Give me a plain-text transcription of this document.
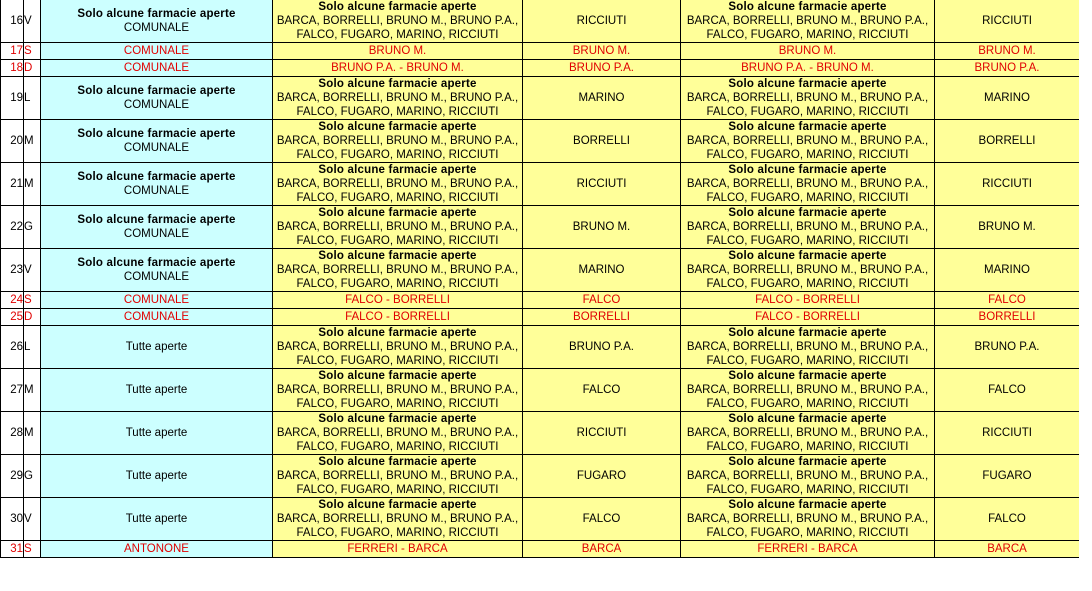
16	V	Solo alcune farmacie aperte
COMUNALE	Solo alcune farmacie aperte
BARCA, BORRELLI, BRUNO M., BRUNO P.A.,
FALCO, FUGARO, MARINO, RICCIUTI	RICCIUTI	Solo alcune farmacie aperte
BARCA, BORRELLI, BRUNO M., BRUNO P.A.,
FALCO, FUGARO, MARINO, RICCIUTI	RICCIUTI
17	S	COMUNALE	BRUNO M.	BRUNO M.	BRUNO M.	BRUNO M.
18	D	COMUNALE	BRUNO P.A. - BRUNO M.	BRUNO P.A.	BRUNO P.A. - BRUNO M.	BRUNO P.A.
19	L	Solo alcune farmacie aperte
COMUNALE	Solo alcune farmacie aperte
BARCA, BORRELLI, BRUNO M., BRUNO P.A.,
FALCO, FUGARO, MARINO, RICCIUTI	MARINO	Solo alcune farmacie aperte
BARCA, BORRELLI, BRUNO M., BRUNO P.A.,
FALCO, FUGARO, MARINO, RICCIUTI	MARINO
20	M	Solo alcune farmacie aperte
COMUNALE	Solo alcune farmacie aperte
BARCA, BORRELLI, BRUNO M., BRUNO P.A.,
FALCO, FUGARO, MARINO, RICCIUTI	BORRELLI	Solo alcune farmacie aperte
BARCA, BORRELLI, BRUNO M., BRUNO P.A.,
FALCO, FUGARO, MARINO, RICCIUTI	BORRELLI
21	M	Solo alcune farmacie aperte
COMUNALE	Solo alcune farmacie aperte
BARCA, BORRELLI, BRUNO M., BRUNO P.A.,
FALCO, FUGARO, MARINO, RICCIUTI	RICCIUTI	Solo alcune farmacie aperte
BARCA, BORRELLI, BRUNO M., BRUNO P.A.,
FALCO, FUGARO, MARINO, RICCIUTI	RICCIUTI
22	G	Solo alcune farmacie aperte
COMUNALE	Solo alcune farmacie aperte
BARCA, BORRELLI, BRUNO M., BRUNO P.A.,
FALCO, FUGARO, MARINO, RICCIUTI	BRUNO M.	Solo alcune farmacie aperte
BARCA, BORRELLI, BRUNO M., BRUNO P.A.,
FALCO, FUGARO, MARINO, RICCIUTI	BRUNO M.
23	V	Solo alcune farmacie aperte
COMUNALE	Solo alcune farmacie aperte
BARCA, BORRELLI, BRUNO M., BRUNO P.A.,
FALCO, FUGARO, MARINO, RICCIUTI	MARINO	Solo alcune farmacie aperte
BARCA, BORRELLI, BRUNO M., BRUNO P.A.,
FALCO, FUGARO, MARINO, RICCIUTI	MARINO
24	S	COMUNALE	FALCO - BORRELLI	FALCO	FALCO - BORRELLI	FALCO
25	D	COMUNALE	FALCO - BORRELLI	BORRELLI	FALCO - BORRELLI	BORRELLI
26	L	Tutte aperte	Solo alcune farmacie aperte
BARCA, BORRELLI, BRUNO M., BRUNO P.A.,
FALCO, FUGARO, MARINO, RICCIUTI	BRUNO P.A.	Solo alcune farmacie aperte
BARCA, BORRELLI, BRUNO M., BRUNO P.A.,
FALCO, FUGARO, MARINO, RICCIUTI	BRUNO P.A.
27	M	Tutte aperte	Solo alcune farmacie aperte
BARCA, BORRELLI, BRUNO M., BRUNO P.A.,
FALCO, FUGARO, MARINO, RICCIUTI	FALCO	Solo alcune farmacie aperte
BARCA, BORRELLI, BRUNO M., BRUNO P.A.,
FALCO, FUGARO, MARINO, RICCIUTI	FALCO
28	M	Tutte aperte	Solo alcune farmacie aperte
BARCA, BORRELLI, BRUNO M., BRUNO P.A.,
FALCO, FUGARO, MARINO, RICCIUTI	RICCIUTI	Solo alcune farmacie aperte
BARCA, BORRELLI, BRUNO M., BRUNO P.A.,
FALCO, FUGARO, MARINO, RICCIUTI	RICCIUTI
29	G	Tutte aperte	Solo alcune farmacie aperte
BARCA, BORRELLI, BRUNO M., BRUNO P.A.,
FALCO, FUGARO, MARINO, RICCIUTI	FUGARO	Solo alcune farmacie aperte
BARCA, BORRELLI, BRUNO M., BRUNO P.A.,
FALCO, FUGARO, MARINO, RICCIUTI	FUGARO
30	V	Tutte aperte	Solo alcune farmacie aperte
BARCA, BORRELLI, BRUNO M., BRUNO P.A.,
FALCO, FUGARO, MARINO, RICCIUTI	FALCO	Solo alcune farmacie aperte
BARCA, BORRELLI, BRUNO M., BRUNO P.A.,
FALCO, FUGARO, MARINO, RICCIUTI	FALCO
31	S	ANTONONE	FERRERI - BARCA	BARCA	FERRERI - BARCA	BARCA
